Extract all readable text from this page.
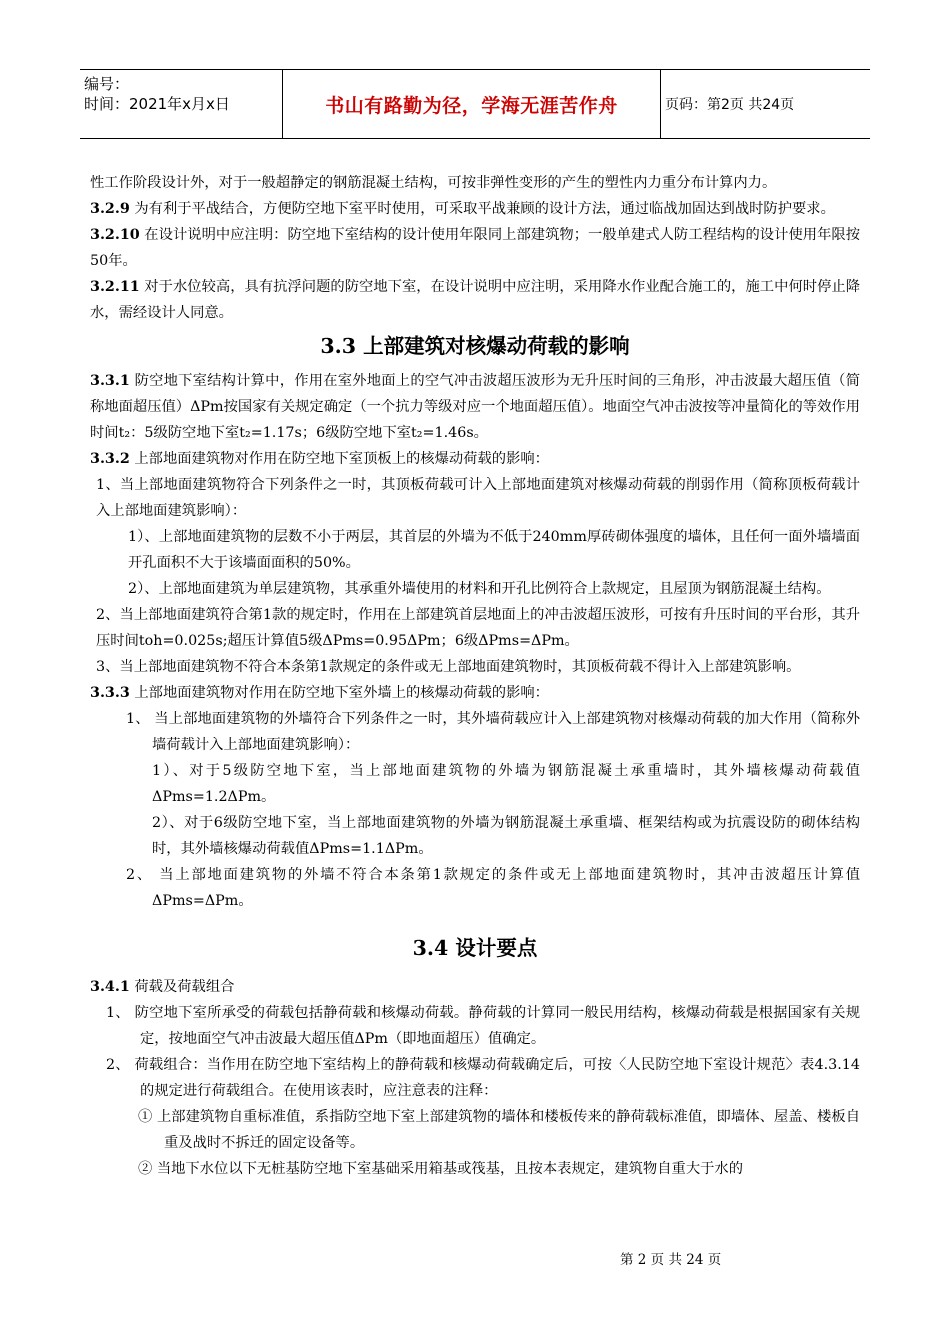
编号：
时间：2021年x月x日	书山有路勤为径，学海无涯苦作舟	页码：第2页 共24页

性工作阶段设计外，对于一般超静定的钢筋混凝土结构，可按非弹性变形的产生的塑性内力重分布计算内力。

3.2.9 为有利于平战结合，方便防空地下室平时使用，可采取平战兼顾的设计方法，通过临战加固达到战时防护要求。

3.2.10 在设计说明中应注明：防空地下室结构的设计使用年限同上部建筑物；一般单建式人防工程结构的设计使用年限按50年。

3.2.11 对于水位较高，具有抗浮问题的防空地下室，在设计说明中应注明，采用降水作业配合施工的，施工中何时停止降水，需经设计人同意。

3.3 上部建筑对核爆动荷载的影响

3.3.1 防空地下室结构计算中，作用在室外地面上的空气冲击波超压波形为无升压时间的三角形，冲击波最大超压值（简称地面超压值）ΔPm按国家有关规定确定（一个抗力等级对应一个地面超压值）。地面空气冲击波按等冲量简化的等效作用时间t₂：5级防空地下室t₂=1.17s；6级防空地下室t₂=1.46s。

3.3.2 上部地面建筑物对作用在防空地下室顶板上的核爆动荷载的影响：

1、当上部地面建筑物符合下列条件之一时，其顶板荷载可计入上部地面建筑对核爆动荷载的削弱作用（简称顶板荷载计入上部地面建筑影响）：

1）、上部地面建筑物的层数不小于两层，其首层的外墙为不低于240mm厚砖砌体强度的墙体，且任何一面外墙墙面开孔面积不大于该墙面面积的50%。

2）、上部地面建筑为单层建筑物，其承重外墙使用的材料和开孔比例符合上款规定，且屋顶为钢筋混凝土结构。

2、当上部地面建筑符合第1款的规定时，作用在上部建筑首层地面上的冲击波超压波形，可按有升压时间的平台形，其升压时间toh=0.025s;超压计算值5级ΔPms=0.95ΔPm；6级ΔPms=ΔPm。

3、当上部地面建筑物不符合本条第1款规定的条件或无上部地面建筑物时，其顶板荷载不得计入上部建筑影响。

3.3.3 上部地面建筑物对作用在防空地下室外墙上的核爆动荷载的影响：

1、 当上部地面建筑物的外墙符合下列条件之一时，其外墙荷载应计入上部建筑物对核爆动荷载的加大作用（简称外墙荷载计入上部地面建筑影响）：

1）、对于5级防空地下室，当上部地面建筑物的外墙为钢筋混凝土承重墙时，其外墙核爆动荷载值ΔPms=1.2ΔPm。

2）、对于6级防空地下室，当上部地面建筑物的外墙为钢筋混凝土承重墙、框架结构或为抗震设防的砌体结构时，其外墙核爆动荷载值ΔPms=1.1ΔPm。

2、 当上部地面建筑物的外墙不符合本条第1款规定的条件或无上部地面建筑物时，其冲击波超压计算值ΔPms=ΔPm。

3.4 设计要点

3.4.1 荷载及荷载组合

1、 防空地下室所承受的荷载包括静荷载和核爆动荷载。静荷载的计算同一般民用结构，核爆动荷载是根据国家有关规定，按地面空气冲击波最大超压值ΔPm（即地面超压）值确定。

2、 荷载组合：当作用在防空地下室结构上的静荷载和核爆动荷载确定后，可按〈人民防空地下室设计规范〉表4.3.14的规定进行荷载组合。在使用该表时，应注意表的注释：

① 上部建筑物自重标准值，系指防空地下室上部建筑物的墙体和楼板传来的静荷载标准值，即墙体、屋盖、楼板自重及战时不拆迁的固定设备等。

② 当地下水位以下无桩基防空地下室基础采用箱基或筏基，且按本表规定，建筑物自重大于水的

第 2 页 共 24 页
